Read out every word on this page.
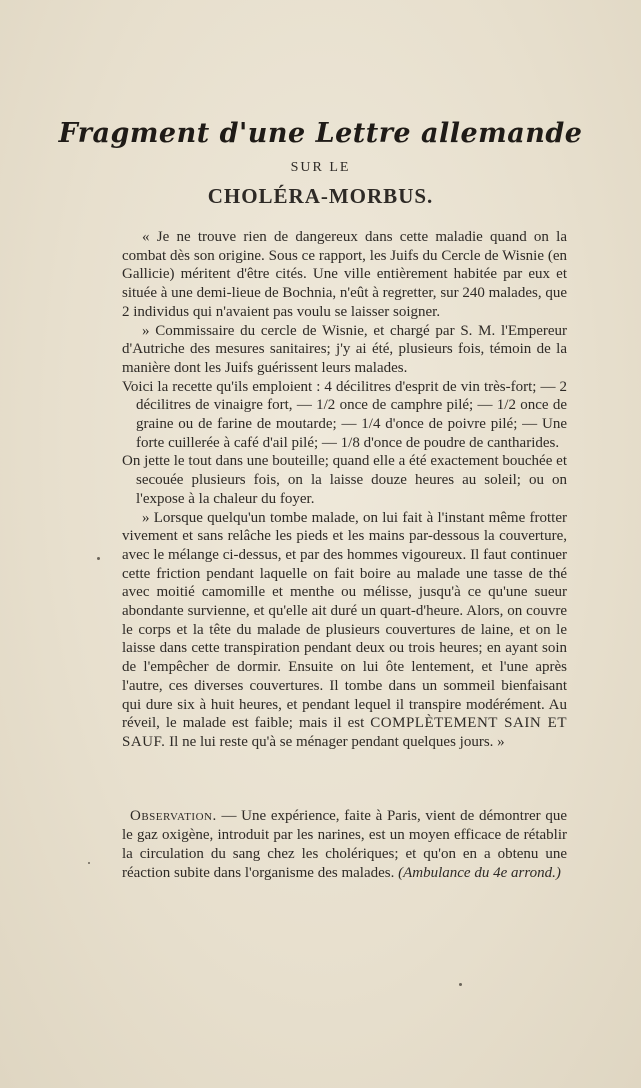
Fragment d'une Lettre allemande
SUR LE
CHOLÉRA-MORBUS.

« Je ne trouve rien de dangereux dans cette maladie quand on la combat dès son origine. Sous ce rapport, les Juifs du Cercle de Wisnie (en Gallicie) méritent d'être cités. Une ville entièrement habitée par eux et située à une demi-lieue de Bochnia, n'eût à regretter, sur 240 malades, que 2 individus qui n'avaient pas voulu se laisser soigner.

» Commissaire du cercle de Wisnie, et chargé par S. M. l'Empereur d'Autriche des mesures sanitaires; j'y ai été, plusieurs fois, témoin de la manière dont les Juifs guérissent leurs malades.

Voici la recette qu'ils emploient : 4 décilitres d'esprit de vin très-fort; — 2 décilitres de vinaigre fort, — 1/2 once de camphre pilé; — 1/2 once de graine ou de farine de moutarde; — 1/4 d'once de poivre pilé; — Une forte cuillerée à café d'ail pilé; — 1/8 d'once de poudre de cantharides.

On jette le tout dans une bouteille; quand elle a été exactement bouchée et secouée plusieurs fois, on la laisse douze heures au soleil; ou on l'expose à la chaleur du foyer.

» Lorsque quelqu'un tombe malade, on lui fait à l'instant même frotter vivement et sans relâche les pieds et les mains par-dessous la couverture, avec le mélange ci-dessus, et par des hommes vigoureux. Il faut continuer cette friction pendant laquelle on fait boire au malade une tasse de thé avec moitié camomille et menthe ou mélisse, jusqu'à ce qu'une sueur abondante survienne, et qu'elle ait duré un quart-d'heure. Alors, on couvre le corps et la tête du malade de plusieurs couvertures de laine, et on le laisse dans cette transpiration pendant deux ou trois heures; en ayant soin de l'empêcher de dormir. Ensuite on lui ôte lentement, et l'une après l'autre, ces diverses couvertures. Il tombe dans un sommeil bienfaisant qui dure six à huit heures, et pendant lequel il transpire modérément. Au réveil, le malade est faible; mais il est COMPLÈTEMENT SAIN ET SAUF. Il ne lui reste qu'à se ménager pendant quelques jours. »

Observation. — Une expérience, faite à Paris, vient de démontrer que le gaz oxigène, introduit par les narines, est un moyen efficace de rétablir la circulation du sang chez les cholériques; et qu'on en a obtenu une réaction subite dans l'organisme des malades. (Ambulance du 4e arrond.)
